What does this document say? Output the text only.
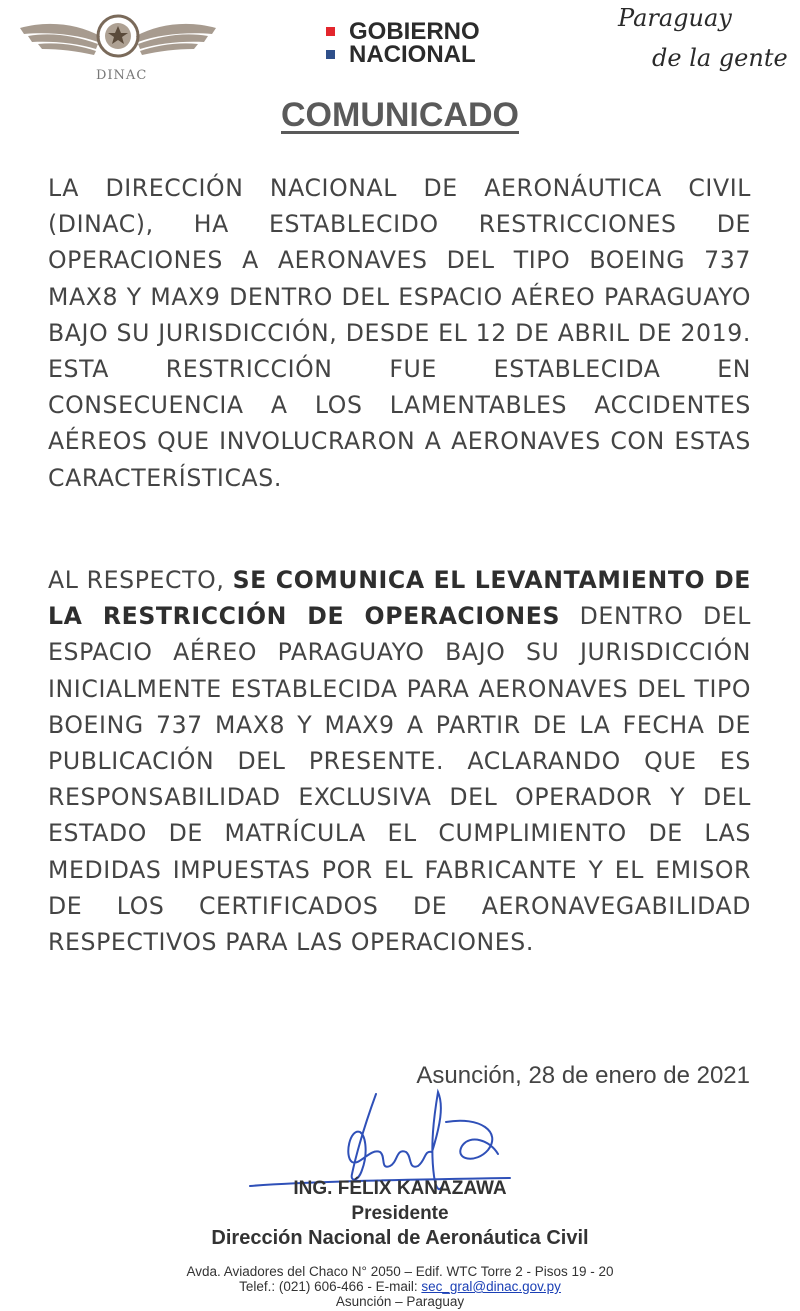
DINAC
GOBIERNO
NACIONAL
Paraguay
de la gente
COMUNICADO
LA DIRECCIÓN NACIONAL DE AERONÁUTICA CIVIL (DINAC), HA ESTABLECIDO RESTRICCIONES DE OPERACIONES A AERONAVES DEL TIPO BOEING 737 MAX8 Y MAX9 DENTRO DEL ESPACIO AÉREO PARAGUAYO BAJO SU JURISDICCIÓN, DESDE EL 12 DE ABRIL DE 2019. ESTA RESTRICCIÓN FUE ESTABLECIDA EN CONSECUENCIA A LOS LAMENTABLES ACCIDENTES AÉREOS QUE INVOLUCRARON A AERONAVES CON ESTAS CARACTERÍSTICAS.
AL RESPECTO, SE COMUNICA EL LEVANTAMIENTO DE LA RESTRICCIÓN DE OPERACIONES DENTRO DEL ESPACIO AÉREO PARAGUAYO BAJO SU JURISDICCIÓN INICIALMENTE ESTABLECIDA PARA AERONAVES DEL TIPO BOEING 737 MAX8 Y MAX9 A PARTIR DE LA FECHA DE PUBLICACIÓN DEL PRESENTE. ACLARANDO QUE ES RESPONSABILIDAD EXCLUSIVA DEL OPERADOR Y DEL ESTADO DE MATRÍCULA EL CUMPLIMIENTO DE LAS MEDIDAS IMPUESTAS POR EL FABRICANTE Y EL EMISOR DE LOS CERTIFICADOS DE AERONAVEGABILIDAD RESPECTIVOS PARA LAS OPERACIONES.
Asunción, 28 de enero de 2021
ING. FÉLIX KANAZAWA
Presidente
Dirección Nacional de Aeronáutica Civil
Avda. Aviadores del Chaco N° 2050 – Edif. WTC Torre 2 - Pisos 19 - 20
Telef.: (021) 606-466 - E-mail: sec_gral@dinac.gov.py
Asunción – Paraguay
